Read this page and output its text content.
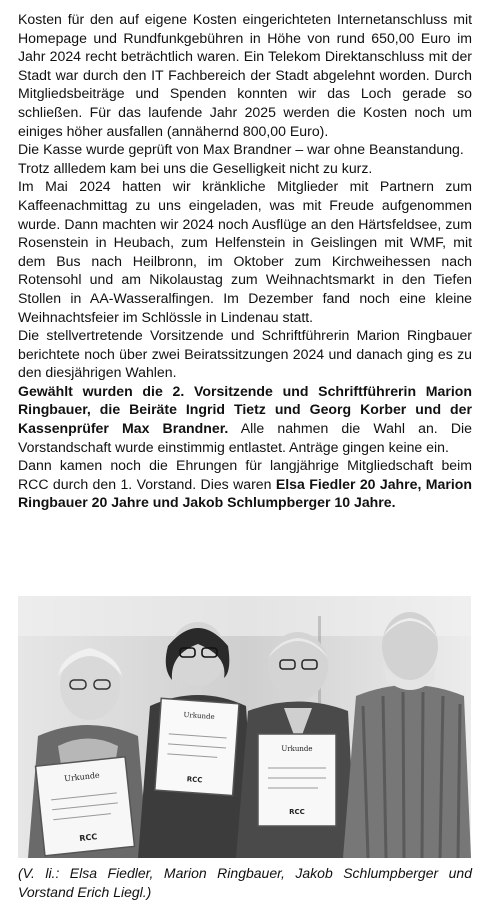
Kosten für den auf eigene Kosten eingerichteten Internetanschluss mit Homepage und Rundfunkgebühren in Höhe von rund 650,00 Euro im Jahr 2024 recht beträchtlich waren. Ein Telekom Direktanschluss mit der Stadt war durch den IT Fachbereich der Stadt abgelehnt worden. Durch Mitgliedsbeiträge und Spenden konnten wir das Loch gerade so schließen. Für das laufende Jahr 2025 werden die Kosten noch um einiges höher ausfallen (annähernd 800,00 Euro).

Die Kasse wurde geprüft von Max Brandner – war ohne Beanstandung.

Trotz allledem kam bei uns die Geselligkeit nicht zu kurz.

Im Mai 2024 hatten wir kränkliche Mitglieder mit Partnern zum Kaffeenachmittag zu uns eingeladen, was mit Freude aufgenommen wurde. Dann machten wir 2024 noch Ausflüge an den Härtsfeldsee, zum Rosenstein in Heubach, zum Helfenstein in Geislingen mit WMF, mit dem Bus nach Heilbronn, im Oktober zum Kirchweihessen nach Rotensohl und am Nikolaustag zum Weihnachtsmarkt in den Tiefen Stollen in AA-Wasseralfingen. Im Dezember fand noch eine kleine Weihnachtsfeier im Schlössle in Lindenau statt.

Die stellvertretende Vorsitzende und Schriftführerin Marion Ringbauer berichtete noch über zwei Beiratssitzungen 2024 und danach ging es zu den diesjährigen Wahlen.

Gewählt wurden die 2. Vorsitzende und Schriftführerin Marion Ringbauer, die Beiräte Ingrid Tietz und Georg Korber und der Kassenprüfer Max Brandner. Alle nahmen die Wahl an. Die Vorstandschaft wurde einstimmig entlastet. Anträge gingen keine ein.

Dann kamen noch die Ehrungen für langjährige Mitgliedschaft beim RCC durch den 1. Vorstand. Dies waren Elsa Fiedler 20 Jahre, Marion Ringbauer 20 Jahre und Jakob Schlumpberger 10 Jahre.

Urkunde
RCC
Urkunde
RCC
Urkunde
RCC
(V. li.: Elsa Fiedler, Marion Ringbauer, Jakob Schlumpberger und Vorstand Erich Liegl.)
